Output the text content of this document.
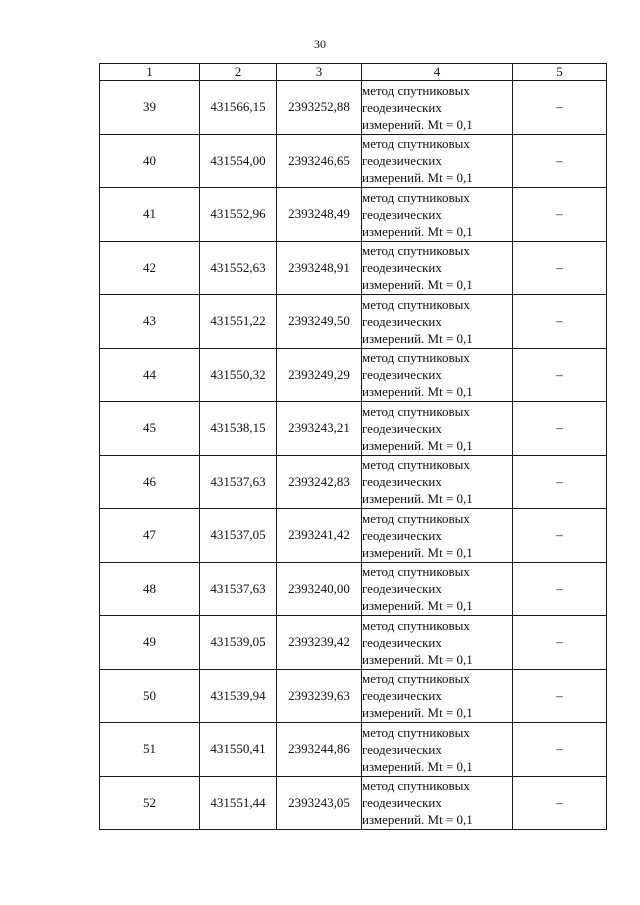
30
1	2	3	4	5
39	431566,15	2393252,88	метод спутниковых
геодезических
измерений. Mt = 0,1	–
40	431554,00	2393246,65	метод спутниковых
геодезических
измерений. Mt = 0,1	–
41	431552,96	2393248,49	метод спутниковых
геодезических
измерений. Mt = 0,1	–
42	431552,63	2393248,91	метод спутниковых
геодезических
измерений. Mt = 0,1	–
43	431551,22	2393249,50	метод спутниковых
геодезических
измерений. Mt = 0,1	–
44	431550,32	2393249,29	метод спутниковых
геодезических
измерений. Mt = 0,1	–
45	431538,15	2393243,21	метод спутниковых
геодезических
измерений. Mt = 0,1	–
46	431537,63	2393242,83	метод спутниковых
геодезических
измерений. Mt = 0,1	–
47	431537,05	2393241,42	метод спутниковых
геодезических
измерений. Mt = 0,1	–
48	431537,63	2393240,00	метод спутниковых
геодезических
измерений. Mt = 0,1	–
49	431539,05	2393239,42	метод спутниковых
геодезических
измерений. Mt = 0,1	–
50	431539,94	2393239,63	метод спутниковых
геодезических
измерений. Mt = 0,1	–
51	431550,41	2393244,86	метод спутниковых
геодезических
измерений. Mt = 0,1	–
52	431551,44	2393243,05	метод спутниковых
геодезических
измерений. Mt = 0,1	–
